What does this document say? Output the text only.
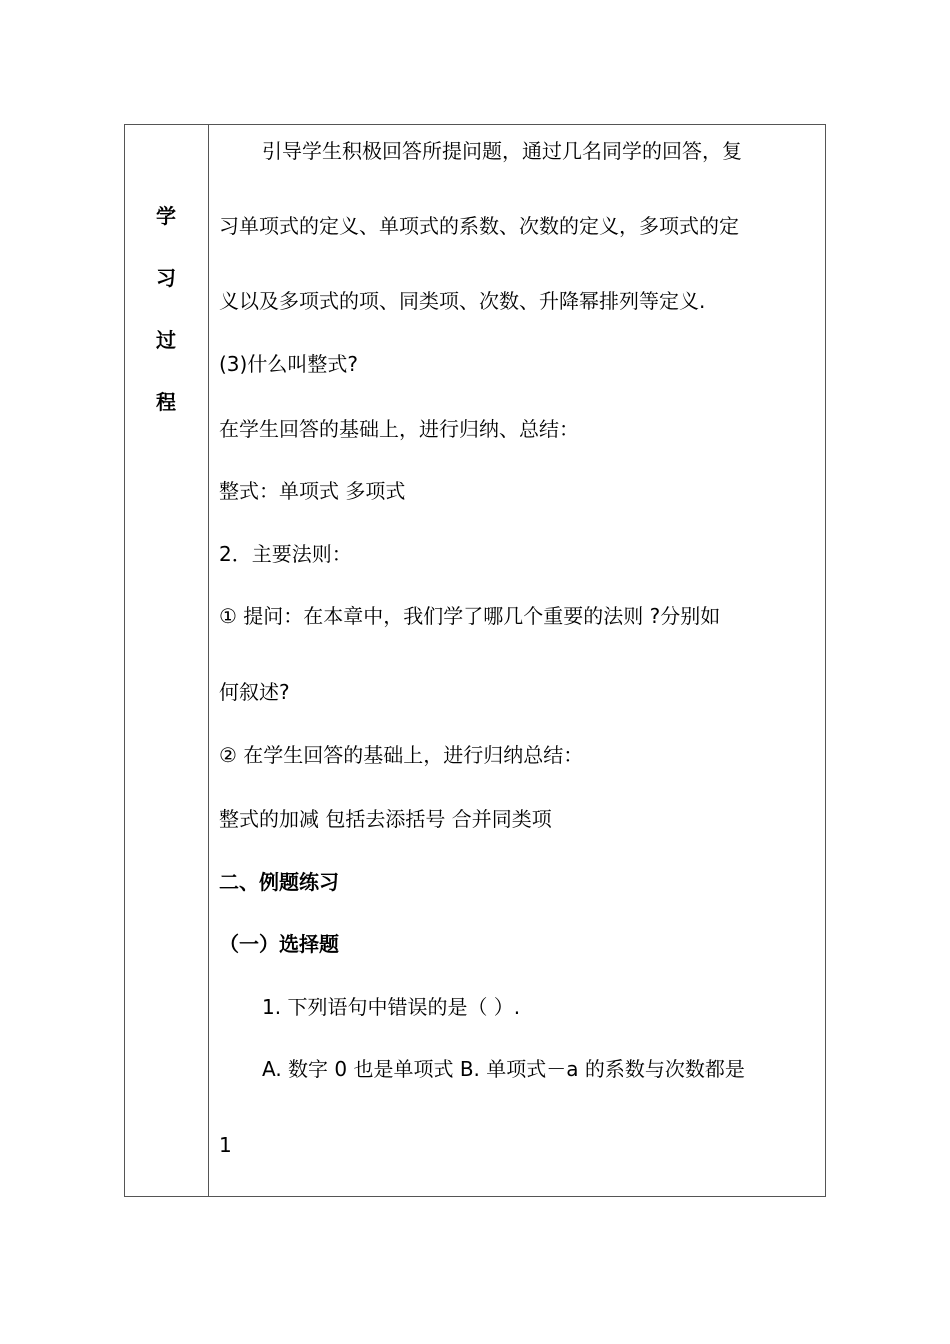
学
习
过
程
引导学生积极回答所提问题，通过几名同学的回答，复
习单项式的定义、单项式的系数、次数的定义，多项式的定
义以及多项式的项、同类项、次数、升降幂排列等定义.
(3)什么叫整式?
在学生回答的基础上，进行归纳、总结：
整式：单项式 多项式
2．主要法则：
① 提问：在本章中，我们学了哪几个重要的法则 ?分别如
何叙述?
② 在学生回答的基础上，进行归纳总结：
整式的加减 包括去添括号 合并同类项
二、例题练习
（一）选择题
1. 下列语句中错误的是（ ）.
A. 数字 0 也是单项式 B. 单项式－a 的系数与次数都是
1
